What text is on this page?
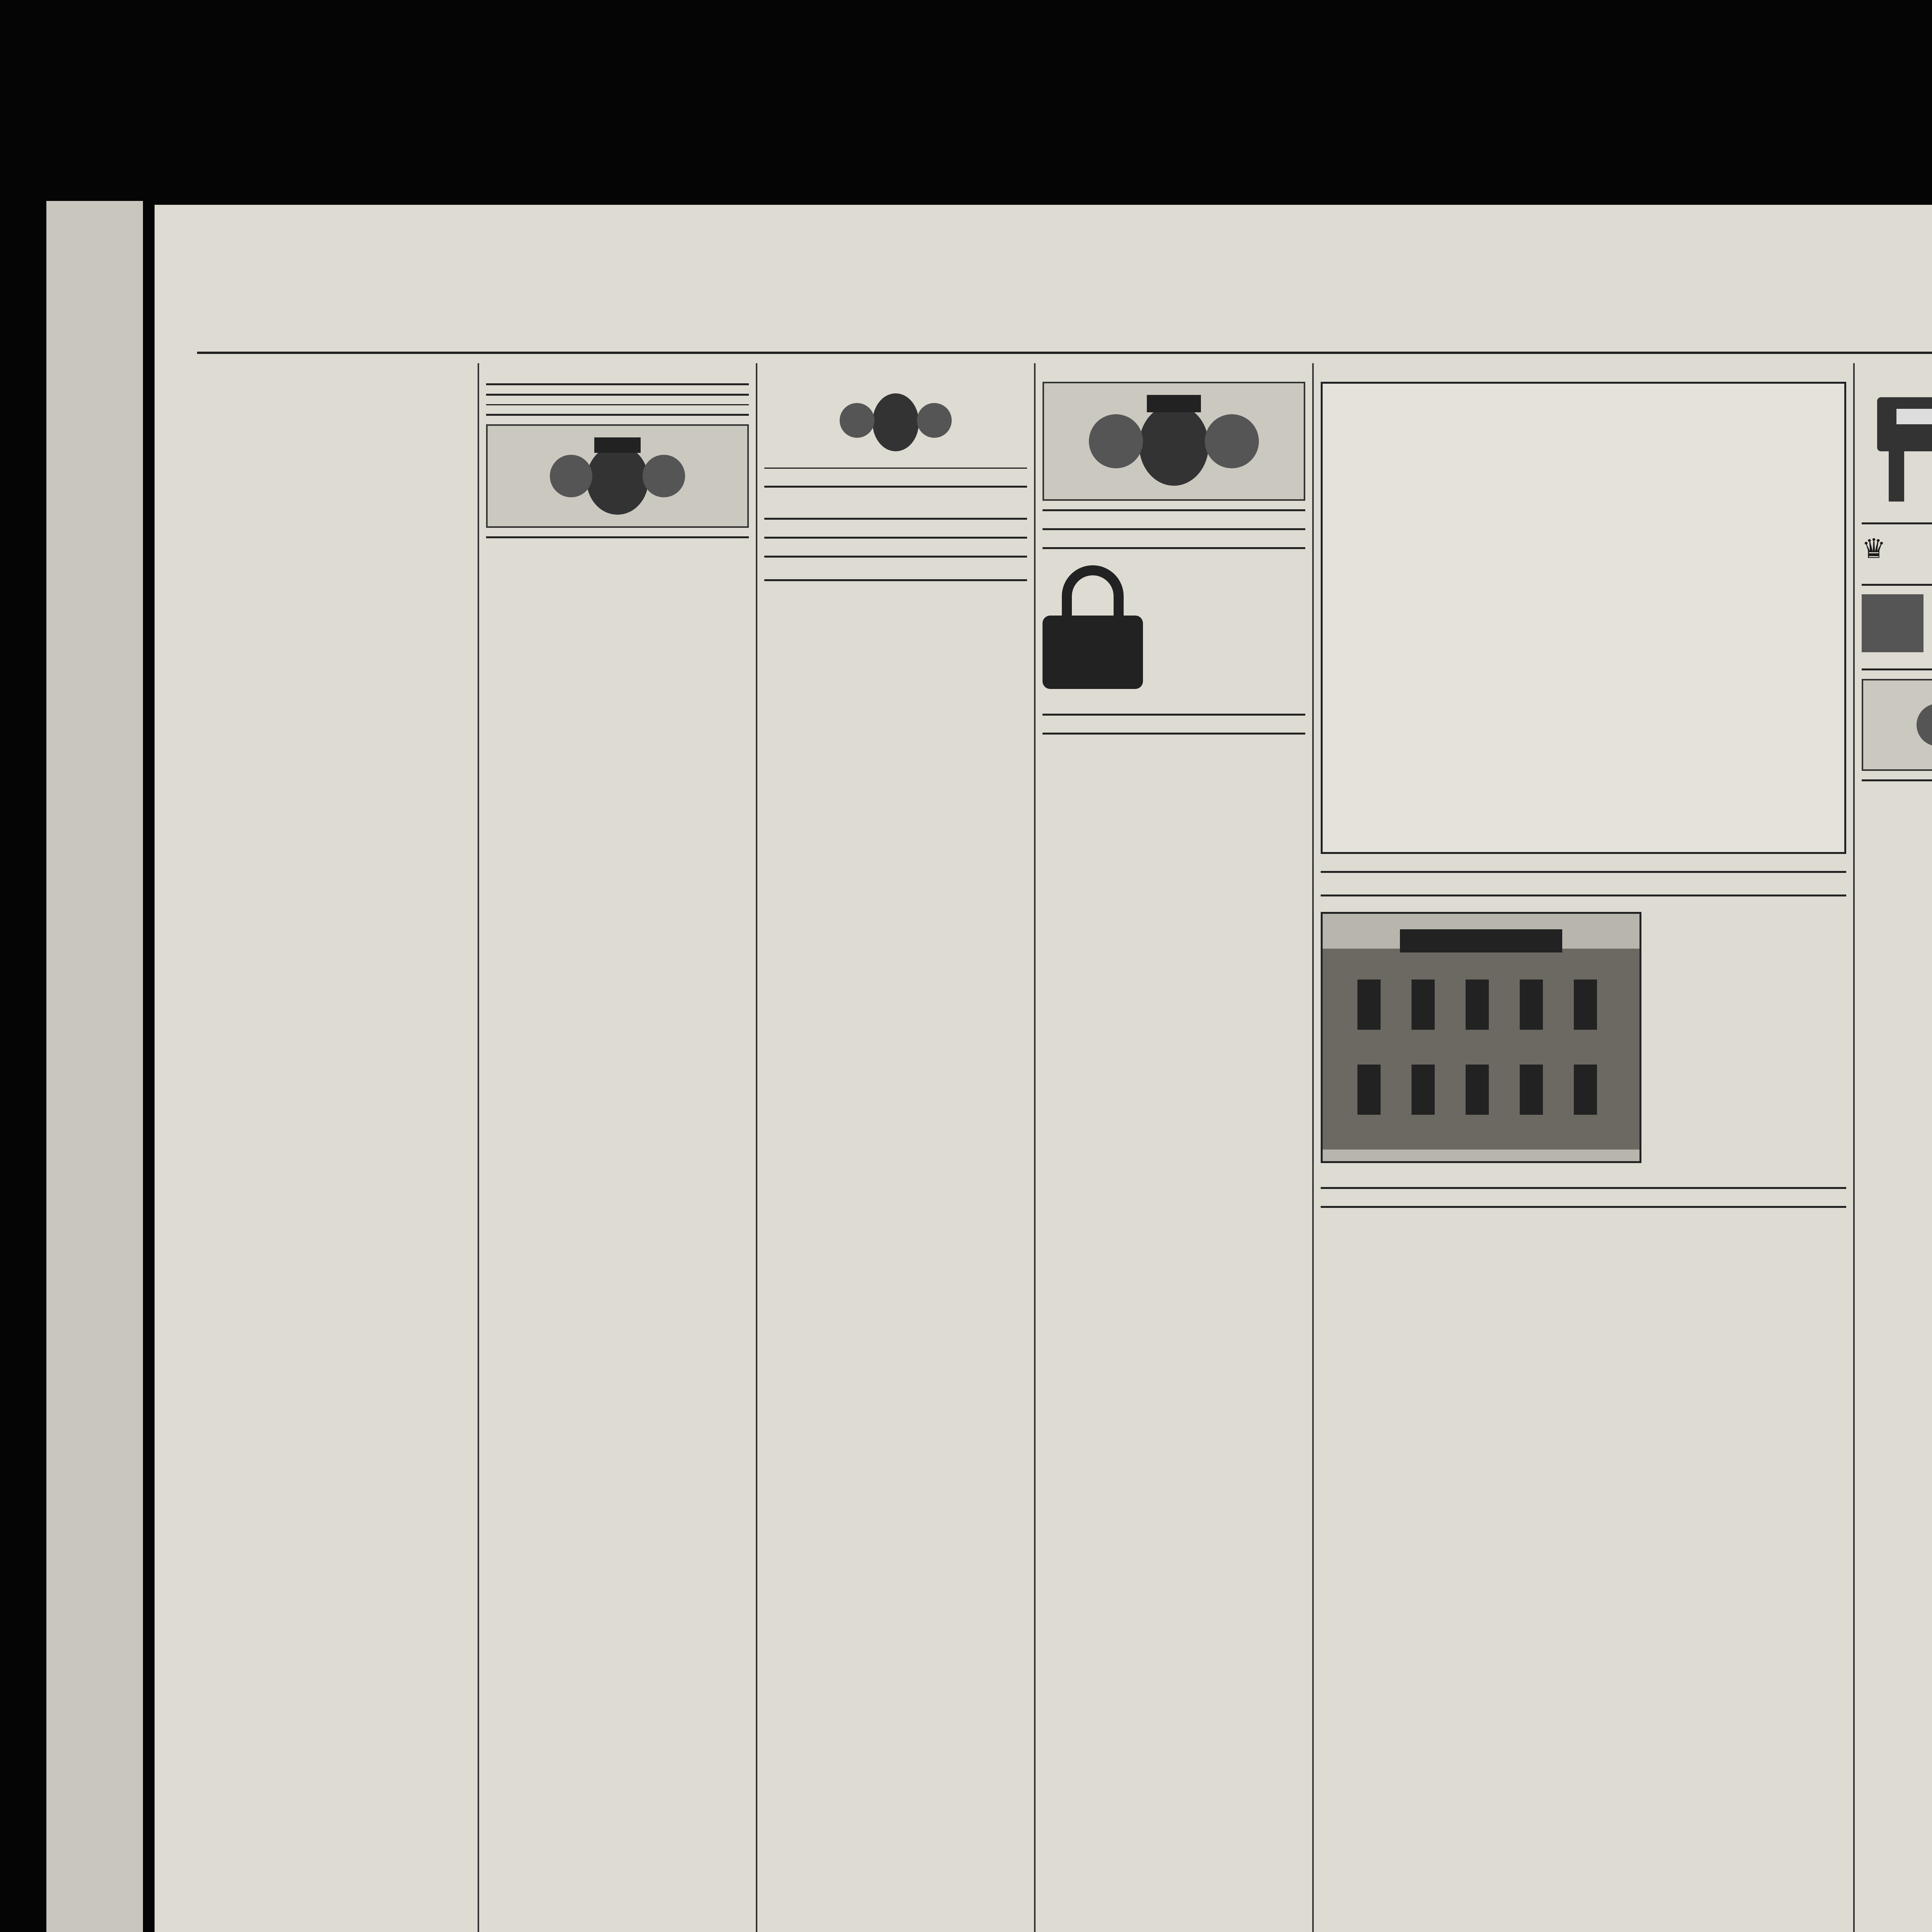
♛
